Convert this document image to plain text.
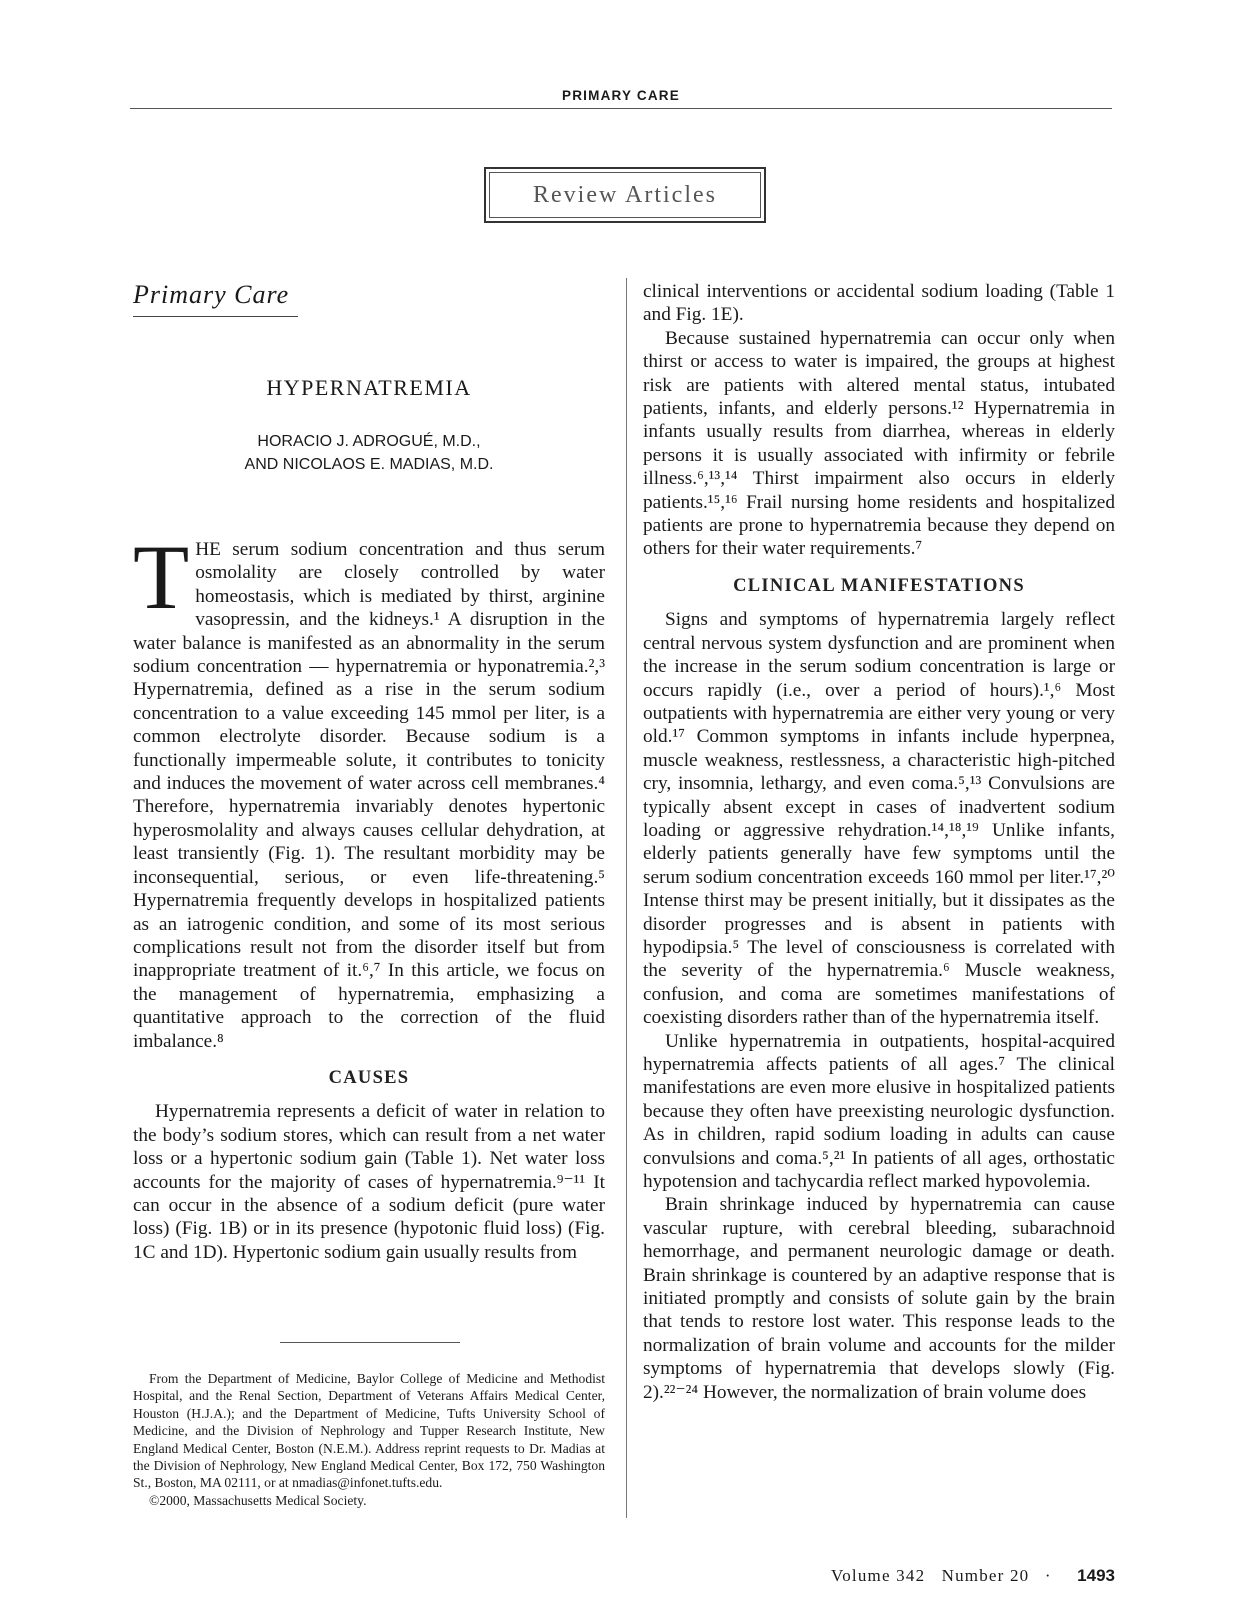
PRIMARY CARE
Review Articles
Primary Care
HYPERNATREMIA
HORACIO J. ADROGUÉ, M.D.,
AND NICOLAOS E. MADIAS, M.D.

THE serum sodium concentration and thus serum osmolality are closely controlled by water homeostasis, which is mediated by thirst, arginine vasopressin, and the kidneys.¹ A disruption in the water balance is manifested as an abnormality in the serum sodium concentration — hypernatremia or hyponatremia.²,³ Hypernatremia, defined as a rise in the serum sodium concentration to a value exceeding 145 mmol per liter, is a common electrolyte disorder. Because sodium is a functionally impermeable solute, it contributes to tonicity and induces the movement of water across cell membranes.⁴ Therefore, hypernatremia invariably denotes hypertonic hyperosmolality and always causes cellular dehydration, at least transiently (Fig. 1). The resultant morbidity may be inconsequential, serious, or even life-threatening.⁵ Hypernatremia frequently develops in hospitalized patients as an iatrogenic condition, and some of its most serious complications result not from the disorder itself but from inappropriate treatment of it.⁶,⁷ In this article, we focus on the management of hypernatremia, emphasizing a quantitative approach to the correction of the fluid imbalance.⁸

CAUSES

Hypernatremia represents a deficit of water in relation to the body’s sodium stores, which can result from a net water loss or a hypertonic sodium gain (Table 1). Net water loss accounts for the majority of cases of hypernatremia.⁹⁻¹¹ It can occur in the absence of a sodium deficit (pure water loss) (Fig. 1B) or in its presence (hypotonic fluid loss) (Fig. 1C and 1D). Hypertonic sodium gain usually results from

From the Department of Medicine, Baylor College of Medicine and Methodist Hospital, and the Renal Section, Department of Veterans Affairs Medical Center, Houston (H.J.A.); and the Department of Medicine, Tufts University School of Medicine, and the Division of Nephrology and Tupper Research Institute, New England Medical Center, Boston (N.E.M.). Address reprint requests to Dr. Madias at the Division of Nephrology, New England Medical Center, Box 172, 750 Washington St., Boston, MA 02111, or at nmadias@infonet.tufts.edu.

©2000, Massachusetts Medical Society.

clinical interventions or accidental sodium loading (Table 1 and Fig. 1E).

Because sustained hypernatremia can occur only when thirst or access to water is impaired, the groups at highest risk are patients with altered mental status, intubated patients, infants, and elderly persons.¹² Hypernatremia in infants usually results from diarrhea, whereas in elderly persons it is usually associated with infirmity or febrile illness.⁶,¹³,¹⁴ Thirst impairment also occurs in elderly patients.¹⁵,¹⁶ Frail nursing home residents and hospitalized patients are prone to hypernatremia because they depend on others for their water requirements.⁷

CLINICAL MANIFESTATIONS

Signs and symptoms of hypernatremia largely reflect central nervous system dysfunction and are prominent when the increase in the serum sodium concentration is large or occurs rapidly (i.e., over a period of hours).¹,⁶ Most outpatients with hypernatremia are either very young or very old.¹⁷ Common symptoms in infants include hyperpnea, muscle weakness, restlessness, a characteristic high-pitched cry, insomnia, lethargy, and even coma.⁵,¹³ Convulsions are typically absent except in cases of inadvertent sodium loading or aggressive rehydration.¹⁴,¹⁸,¹⁹ Unlike infants, elderly patients generally have few symptoms until the serum sodium concentration exceeds 160 mmol per liter.¹⁷,²⁰ Intense thirst may be present initially, but it dissipates as the disorder progresses and is absent in patients with hypodipsia.⁵ The level of consciousness is correlated with the severity of the hypernatremia.⁶ Muscle weakness, confusion, and coma are sometimes manifestations of coexisting disorders rather than of the hypernatremia itself.

Unlike hypernatremia in outpatients, hospital-acquired hypernatremia affects patients of all ages.⁷ The clinical manifestations are even more elusive in hospitalized patients because they often have preexisting neurologic dysfunction. As in children, rapid sodium loading in adults can cause convulsions and coma.⁵,²¹ In patients of all ages, orthostatic hypotension and tachycardia reflect marked hypovolemia.

Brain shrinkage induced by hypernatremia can cause vascular rupture, with cerebral bleeding, subarachnoid hemorrhage, and permanent neurologic damage or death. Brain shrinkage is countered by an adaptive response that is initiated promptly and consists of solute gain by the brain that tends to restore lost water. This response leads to the normalization of brain volume and accounts for the milder symptoms of hypernatremia that develops slowly (Fig. 2).²²⁻²⁴ However, the normalization of brain volume does

Volume 342 Number 20 · 1493
